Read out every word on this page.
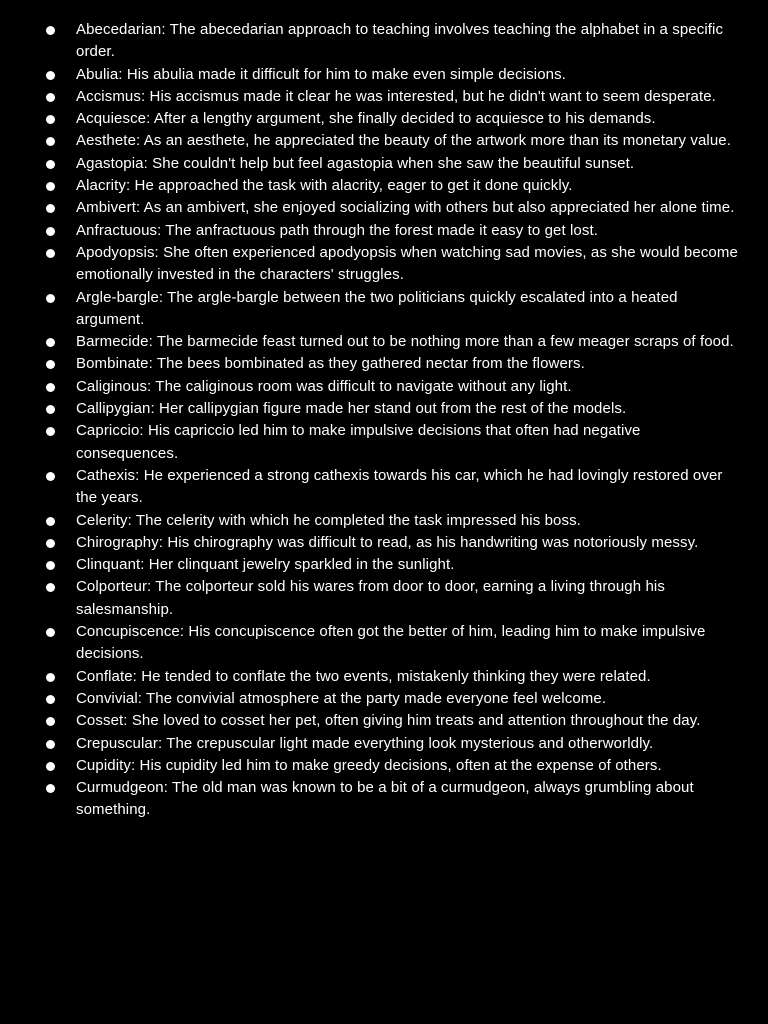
Abecedarian: The abecedarian approach to teaching involves teaching the alphabet in a specific order.
Abulia: His abulia made it difficult for him to make even simple decisions.
Accismus: His accismus made it clear he was interested, but he didn't want to seem desperate.
Acquiesce: After a lengthy argument, she finally decided to acquiesce to his demands.
Aesthete: As an aesthete, he appreciated the beauty of the artwork more than its monetary value.
Agastopia: She couldn't help but feel agastopia when she saw the beautiful sunset.
Alacrity: He approached the task with alacrity, eager to get it done quickly.
Ambivert: As an ambivert, she enjoyed socializing with others but also appreciated her alone time.
Anfractuous: The anfractuous path through the forest made it easy to get lost.
Apodyopsis: She often experienced apodyopsis when watching sad movies, as she would become emotionally invested in the characters' struggles.
Argle-bargle: The argle-bargle between the two politicians quickly escalated into a heated argument.
Barmecide: The barmecide feast turned out to be nothing more than a few meager scraps of food.
Bombinate: The bees bombinated as they gathered nectar from the flowers.
Caliginous: The caliginous room was difficult to navigate without any light.
Callipygian: Her callipygian figure made her stand out from the rest of the models.
Capriccio: His capriccio led him to make impulsive decisions that often had negative consequences.
Cathexis: He experienced a strong cathexis towards his car, which he had lovingly restored over the years.
Celerity: The celerity with which he completed the task impressed his boss.
Chirography: His chirography was difficult to read, as his handwriting was notoriously messy.
Clinquant: Her clinquant jewelry sparkled in the sunlight.
Colporteur: The colporteur sold his wares from door to door, earning a living through his salesmanship.
Concupiscence: His concupiscence often got the better of him, leading him to make impulsive decisions.
Conflate: He tended to conflate the two events, mistakenly thinking they were related.
Convivial: The convivial atmosphere at the party made everyone feel welcome.
Cosset: She loved to cosset her pet, often giving him treats and attention throughout the day.
Crepuscular: The crepuscular light made everything look mysterious and otherworldly.
Cupidity: His cupidity led him to make greedy decisions, often at the expense of others.
Curmudgeon: The old man was known to be a bit of a curmudgeon, always grumbling about something.
